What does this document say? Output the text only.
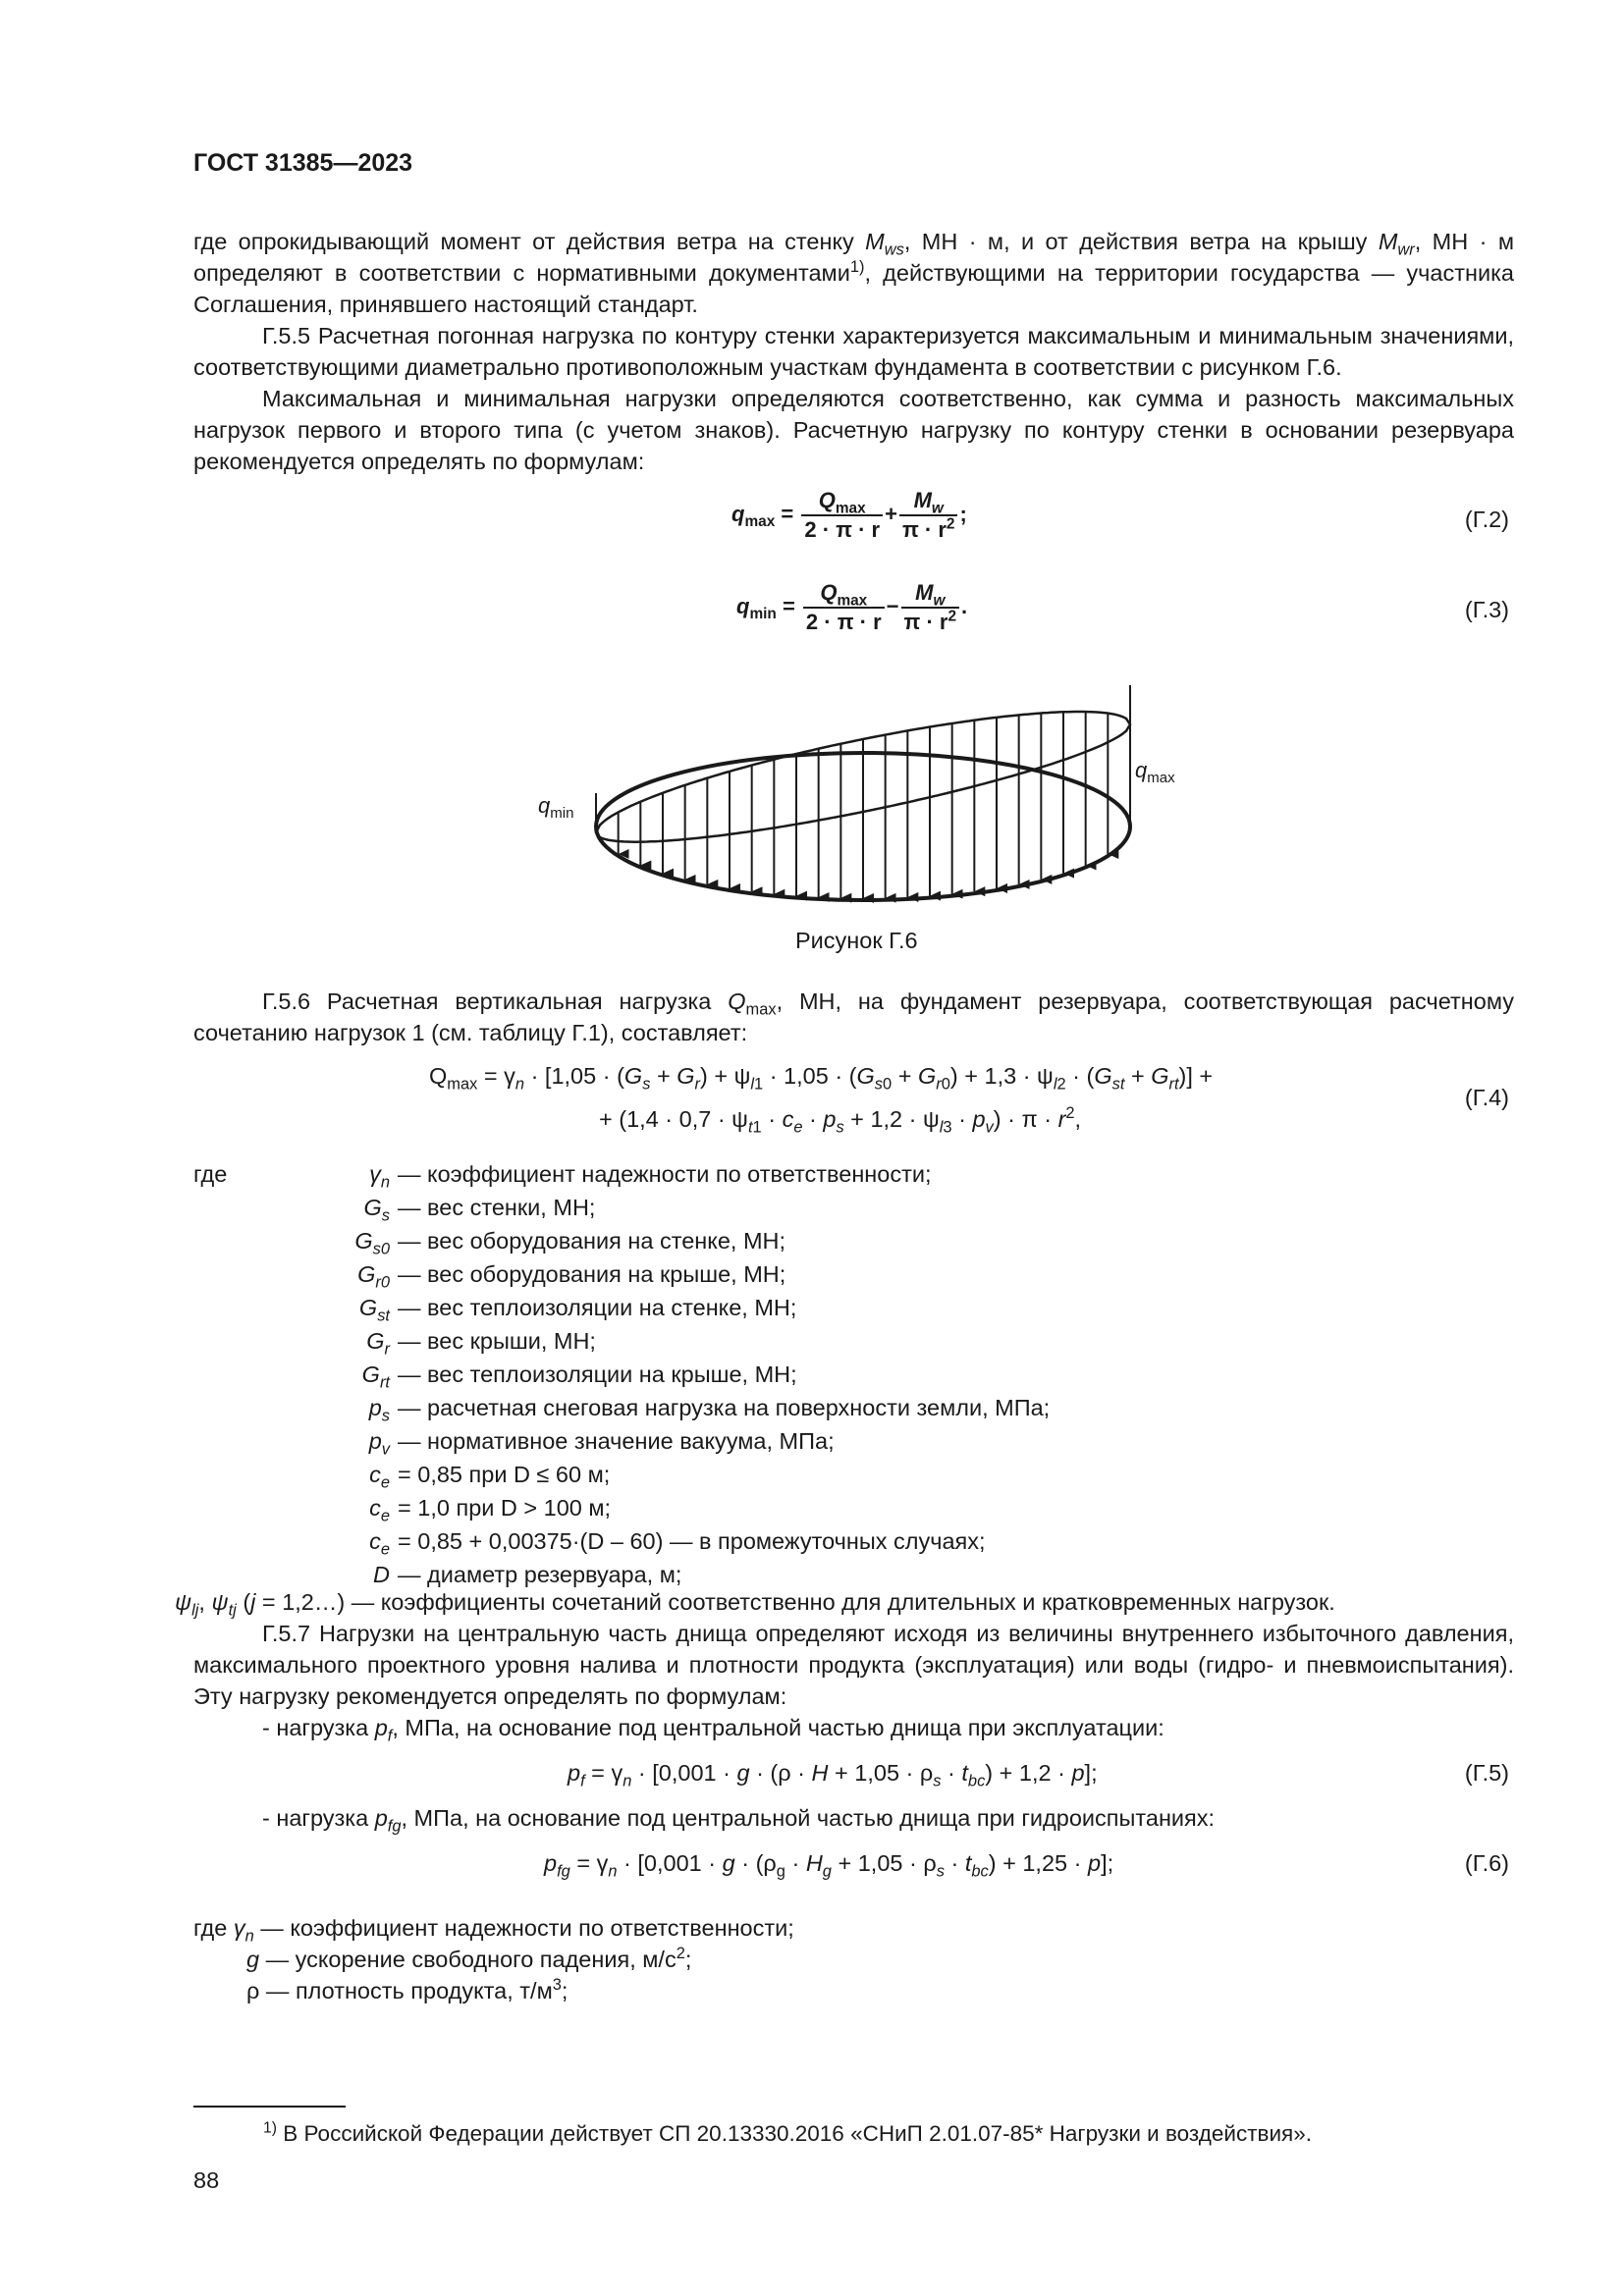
ГОСТ 31385—2023
где опрокидывающий момент от действия ветра на стенку $M_{ws}$, МН · м, и от действия ветра на крышу $M_{wr}$, МН · м определяют в соответствии с нормативными документами$^{1)}$, действующими на территории государства — участника Соглашения, принявшего настоящий стандарт.
Г.5.5 Расчетная погонная нагрузка по контуру стенки характеризуется максимальным и минимальным значениями, соответствующими диаметрально противоположным участкам фундамента в соответствии с рисунком Г.6.
Максимальная и минимальная нагрузки определяются соответственно, как сумма и разность максимальных нагрузок первого и второго типа (с учетом знаков). Расчетную нагрузку по контуру стенки в основании резервуара рекомендуется определять по формулам:
$q_{max} = \frac{Q_{max}}{2 \cdot \pi \cdot r} + \frac{M_w}{\pi \cdot r^2}$ ;	(Г.2)
$q_{min} = \frac{Q_{max}}{2 \cdot \pi \cdot r} - \frac{M_w}{\pi \cdot r^2}$ .	(Г.3)
$q_{min}$
$q_{max}$
Рисунок Г.6
Г.5.6 Расчетная вертикальная нагрузка $Q_{max}$, МН, на фундамент резервуара, соответствующая расчетному сочетанию нагрузок 1 (см. таблицу Г.1), составляет:
$Q_{max} = \gamma_n \cdot [1,05 \cdot (G_s + G_r) + \psi_{l1} \cdot 1,05 \cdot (G_{s0} + G_{r0}) + 1,3 \cdot \psi_{l2} \cdot (G_{st} + G_{rt})]$ +
+ $(1,4 \cdot 0,7 \cdot \psi_{t1} \cdot c_e \cdot p_s + 1,2 \cdot \psi_{l3} \cdot p_v) \cdot \pi \cdot r^2$,
(Г.4)
где	$\gamma_n$ — коэффициент надежности по ответственности;
$G_s$ — вес стенки, МН;
$G_{s0}$ — вес оборудования на стенке, МН;
$G_{r0}$ — вес оборудования на крыше, МН;
$G_{st}$ — вес теплоизоляции на стенке, МН;
$G_r$ — вес крыши, МН;
$G_{rt}$ — вес теплоизоляции на крыше, МН;
$p_s$ — расчетная снеговая нагрузка на поверхности земли, МПа;
$p_v$ — нормативное значение вакуума, МПа;
$c_e = 0,85$ при D ≤ 60 м;
$c_e = 1,0$ при D > 100 м;
$c_e = 0,85 + 0,00375\cdot(D - 60)$ — в промежуточных случаях;
D — диаметр резервуара, м;
$\psi_{lj}$, $\psi_{tj}$ (j = 1,2…) — коэффициенты сочетаний соответственно для длительных и кратковременных нагрузок.
Г.5.7 Нагрузки на центральную часть днища определяют исходя из величины внутреннего избыточного давления, максимального проектного уровня налива и плотности продукта (эксплуатация) или воды (гидро- и пневмоиспытания). Эту нагрузку рекомендуется определять по формулам:
- нагрузка $p_f$, МПа, на основание под центральной частью днища при эксплуатации:
$p_f = \gamma_n \cdot [0,001 \cdot g \cdot (\rho \cdot H + 1,05 \cdot \rho_s \cdot t_{bc}) + 1,2 \cdot p]$;	(Г.5)
- нагрузка $p_{fg}$, МПа, на основание под центральной частью днища при гидроиспытаниях:
$p_{fg} = \gamma_n \cdot [0,001 \cdot g \cdot (\rho_g \cdot H_g + 1,05 \cdot \rho_s \cdot t_{bc}) + 1,25 \cdot p]$;	(Г.6)
где $\gamma_n$ — коэффициент надежности по ответственности;
g — ускорение свободного падения, $м/с^2$;
ρ — плотность продукта, $т/м^3$;
$^{1)}$ В Российской Федерации действует СП 20.13330.2016 «СНиП 2.01.07-85* Нагрузки и воздействия».
88
